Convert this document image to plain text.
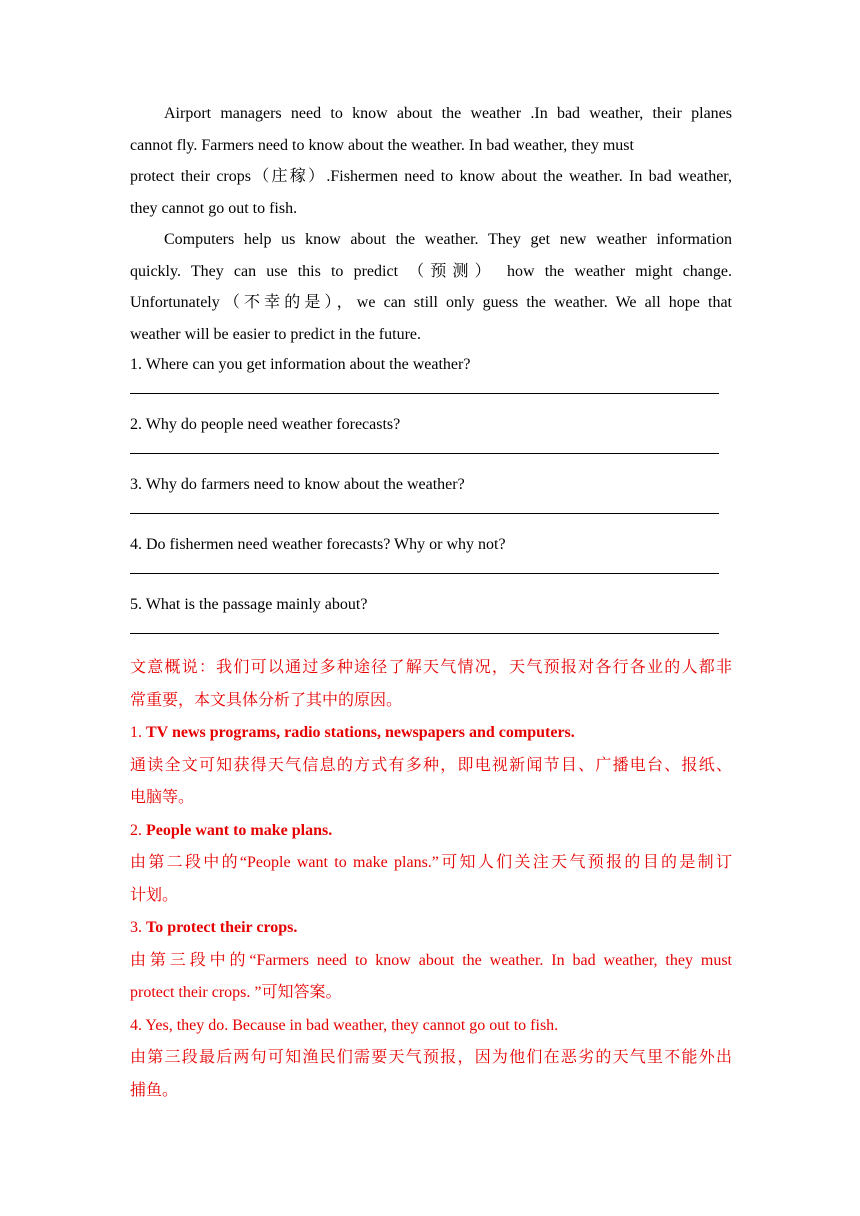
Airport managers need to know about the weather .In bad weather, their planes
cannot fly. Farmers need to know about the weather. In bad weather, they must
protect their crops（庄稼）.Fishermen need to know about the weather. In bad weather,
they cannot go out to fish.

Computers help us know about the weather. They get new weather information
quickly. They can use this to predict （预测） how the weather might change.
Unfortunately（不幸的是），we can still only guess the weather. We all hope that
weather will be easier to predict in the future.

1. Where can you get information about the weather?

2. Why do people need weather forecasts?

3. Why do farmers need to know about the weather?

4. Do fishermen need weather forecasts? Why or why not?

5. What is the passage mainly about?

文意概说：我们可以通过多种途径了解天气情况，天气预报对各行各业的人都非
常重要，本文具体分析了其中的原因。

1. TV news programs, radio stations, newspapers and computers.

通读全文可知获得天气信息的方式有多种，即电视新闻节目、广播电台、报纸、
电脑等。

2. People want to make plans.

由第二段中的“People want to make plans.”可知人们关注天气预报的目的是制订
计划。

3. To protect their crops.

由第三段中的“Farmers need to know about the weather. In bad weather, they must
protect their crops. ”可知答案。

4. Yes, they do. Because in bad weather, they cannot go out to fish.

由第三段最后两句可知渔民们需要天气预报，因为他们在恶劣的天气里不能外出
捕鱼。
